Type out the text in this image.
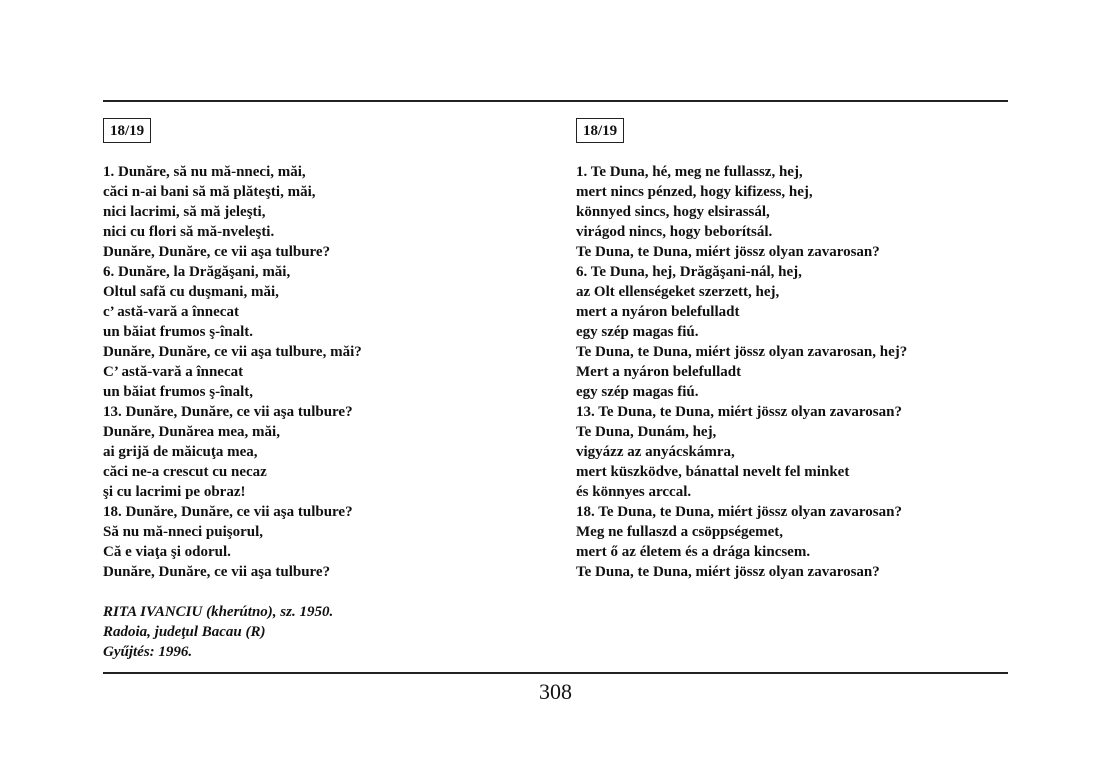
18/19
1. Dunăre, să nu mă-nneci, măi,
căci n-ai bani să mă plăteşti, măi,
nici lacrimi, să mă jeleşti,
nici cu flori să mă-nveleşti.
Dunăre, Dunăre, ce vii aşa tulbure?
6. Dunăre, la Drăgăşani, măi,
Oltul safă cu duşmani, măi,
c’ astă-vară a înnecat
un băiat frumos ş-înalt.
Dunăre, Dunăre, ce vii aşa tulbure, măi?
C’ astă-vară a înnecat
un băiat frumos ş-înalt,
13. Dunăre, Dunăre, ce vii aşa tulbure?
Dunăre, Dunărea mea, măi,
ai grijă de măicuţa mea,
căci ne-a crescut cu necaz
şi cu lacrimi pe obraz!
18. Dunăre, Dunăre, ce vii aşa tulbure?
Să nu mă-nneci puişorul,
Că e viaţa şi odorul.
Dunăre, Dunăre, ce vii aşa tulbure?
RITA IVANCIU (kherútno), sz. 1950.
Radoia, judeţul Bacau (R)
Gyűjtés: 1996.
18/19
1. Te Duna, hé, meg ne fullassz, hej,
mert nincs pénzed, hogy kifizess, hej,
könnyed sincs, hogy elsirassál,
virágod nincs, hogy beborítsál.
Te Duna, te Duna, miért jössz olyan zavarosan?
6. Te Duna, hej, Drăgăşani-nál, hej,
az Olt ellenségeket szerzett, hej,
mert a nyáron belefulladt
egy szép magas fiú.
Te Duna, te Duna, miért jössz olyan zavarosan, hej?
Mert a nyáron belefulladt
egy szép magas fiú.
13. Te Duna, te Duna, miért jössz olyan zavarosan?
Te Duna, Dunám, hej,
vigyázz az anyácskámra,
mert küszködve, bánattal nevelt fel minket
és könnyes arccal.
18. Te Duna, te Duna, miért jössz olyan zavarosan?
Meg ne fullaszd a csöppségemet,
mert ő az életem és a drága kincsem.
Te Duna, te Duna, miért jössz olyan zavarosan?
308
